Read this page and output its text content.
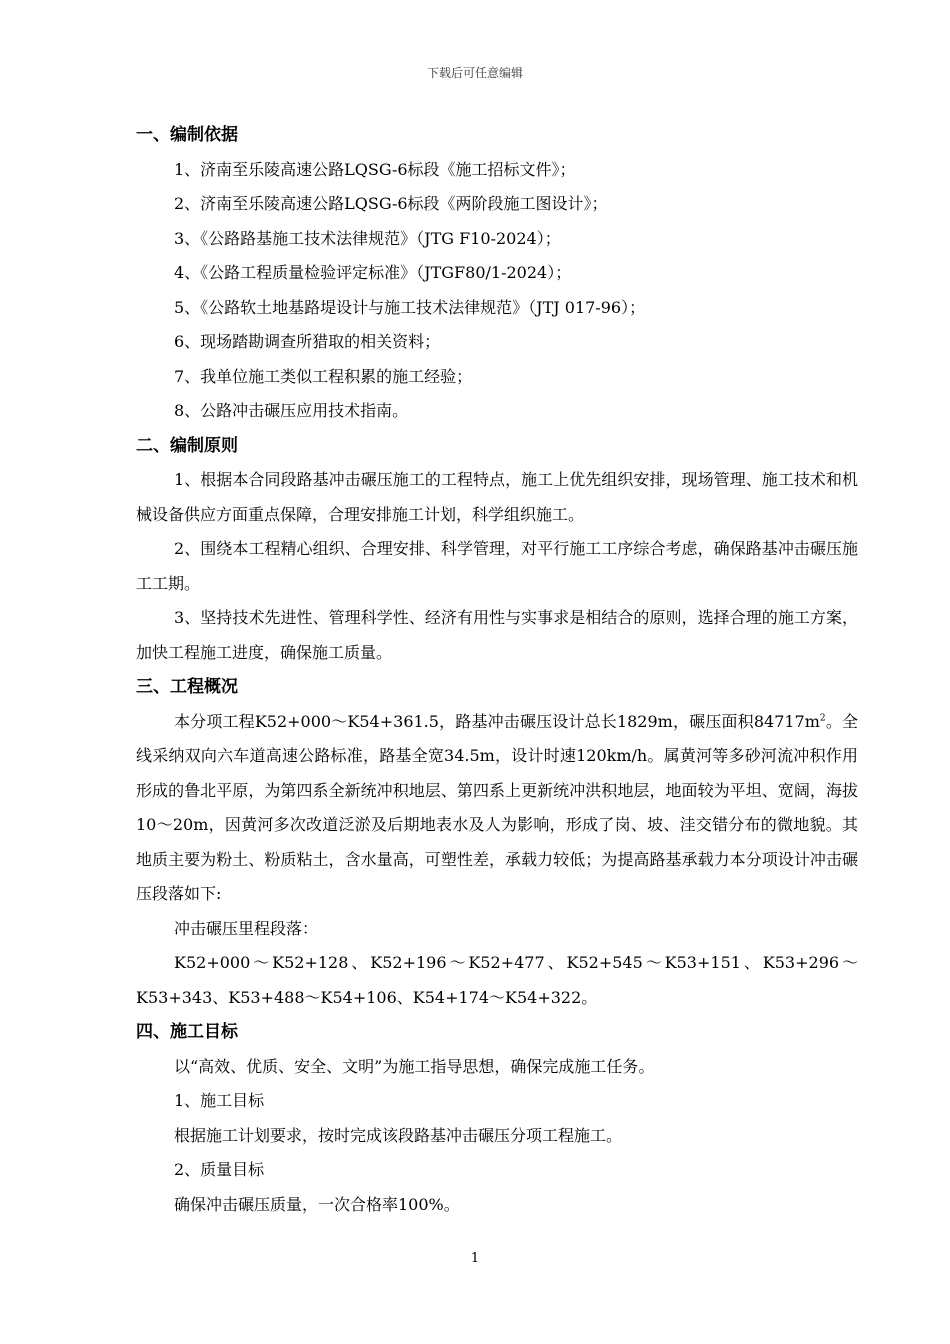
下载后可任意编辑
一、编制依据
1、济南至乐陵高速公路LQSG-6标段《施工招标文件》；
2、济南至乐陵高速公路LQSG-6标段《两阶段施工图设计》；
3、《公路路基施工技术法律规范》（JTG F10-2024）；
4、《公路工程质量检验评定标准》（JTGF80/1-2024）；
5、《公路软土地基路堤设计与施工技术法律规范》（JTJ 017-96）；
6、现场踏勘调查所猎取的相关资料；
7、我单位施工类似工程积累的施工经验；
8、公路冲击碾压应用技术指南。
二、编制原则
1、根据本合同段路基冲击碾压施工的工程特点，施工上优先组织安排，现场管理、施工技术和机械设备供应方面重点保障，合理安排施工计划，科学组织施工。
2、围绕本工程精心组织、合理安排、科学管理，对平行施工工序综合考虑，确保路基冲击碾压施工工期。
3、坚持技术先进性、管理科学性、经济有用性与实事求是相结合的原则，选择合理的施工方案，加快工程施工进度，确保施工质量。
三、工程概况
本分项工程K52+000～K54+361.5，路基冲击碾压设计总长1829m，碾压面积$84717m^2$。全线采纳双向六车道高速公路标准，路基全宽34.5m，设计时速120km/h。属黄河等多砂河流冲积作用形成的鲁北平原，为第四系全新统冲积地层、第四系上更新统冲洪积地层，地面较为平坦、宽阔，海拔10～20m，因黄河多次改道泛淤及后期地表水及人为影响，形成了岗、坡、洼交错分布的微地貌。其地质主要为粉土、粉质粘土，含水量高，可塑性差，承载力较低；为提高路基承载力本分项设计冲击碾压段落如下:
冲击碾压里程段落：
K52+000～K52+128、K52+196～K52+477、K52+545～K53+151、K53+296～K53+343、K53+488～K54+106、K54+174～K54+322。
四、施工目标
以“高效、优质、安全、文明”为施工指导思想，确保完成施工任务。
1、施工目标
根据施工计划要求，按时完成该段路基冲击碾压分项工程施工。
2、质量目标
确保冲击碾压质量，一次合格率100%。
1
